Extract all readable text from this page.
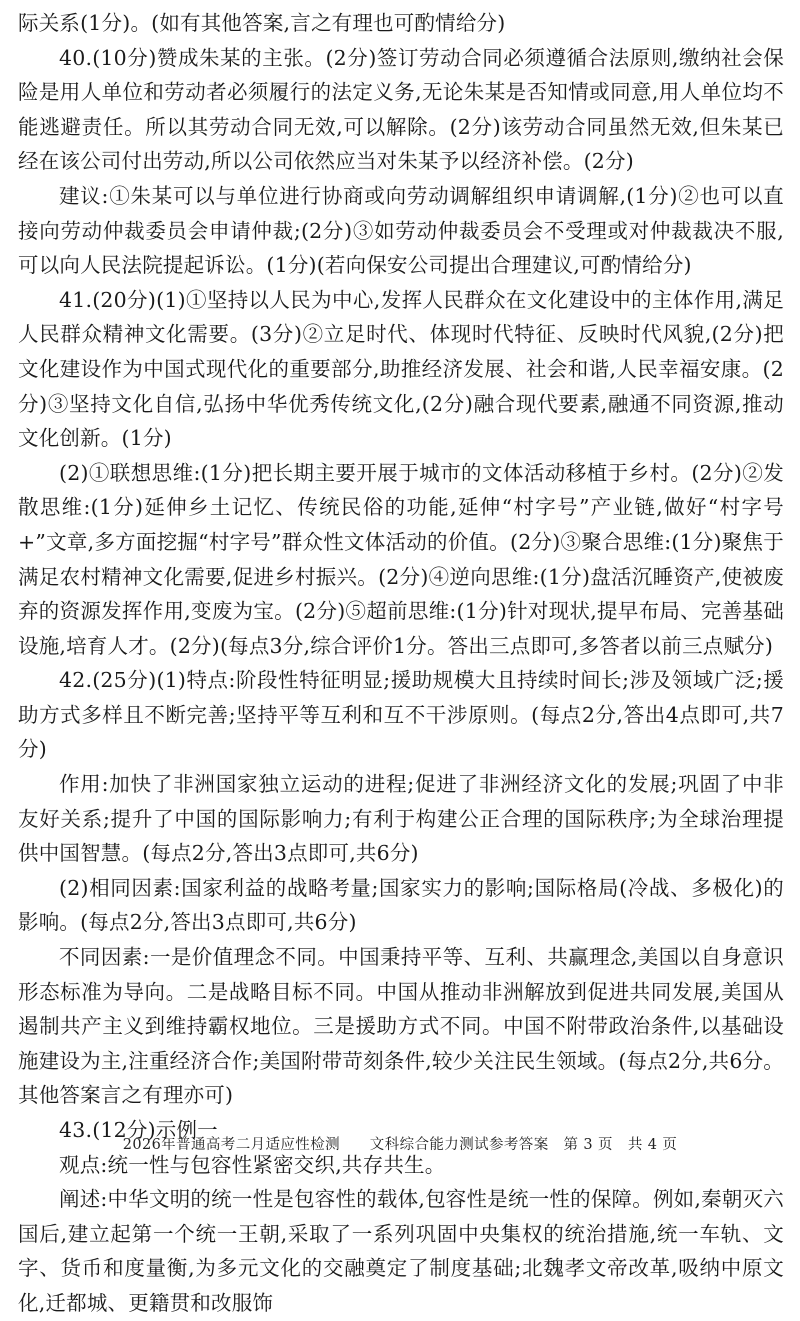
际关系(1分)。(如有其他答案,言之有理也可酌情给分)

40.(10分)赞成朱某的主张。(2分)签订劳动合同必须遵循合法原则,缴纳社会保险是用人单位和劳动者必须履行的法定义务,无论朱某是否知情或同意,用人单位均不能逃避责任。所以其劳动合同无效,可以解除。(2分)该劳动合同虽然无效,但朱某已经在该公司付出劳动,所以公司依然应当对朱某予以经济补偿。(2分)

建议:①朱某可以与单位进行协商或向劳动调解组织申请调解,(1分)②也可以直接向劳动仲裁委员会申请仲裁;(2分)③如劳动仲裁委员会不受理或对仲裁裁决不服,可以向人民法院提起诉讼。(1分)(若向保安公司提出合理建议,可酌情给分)

41.(20分)(1)①坚持以人民为中心,发挥人民群众在文化建设中的主体作用,满足人民群众精神文化需要。(3分)②立足时代、体现时代特征、反映时代风貌,(2分)把文化建设作为中国式现代化的重要部分,助推经济发展、社会和谐,人民幸福安康。(2分)③坚持文化自信,弘扬中华优秀传统文化,(2分)融合现代要素,融通不同资源,推动文化创新。(1分)

(2)①联想思维:(1分)把长期主要开展于城市的文体活动移植于乡村。(2分)②发散思维:(1分)延伸乡土记忆、传统民俗的功能,延伸“村字号”产业链,做好“村字号+”文章,多方面挖掘“村字号”群众性文体活动的价值。(2分)③聚合思维:(1分)聚焦于满足农村精神文化需要,促进乡村振兴。(2分)④逆向思维:(1分)盘活沉睡资产,使被废弃的资源发挥作用,变废为宝。(2分)⑤超前思维:(1分)针对现状,提早布局、完善基础设施,培育人才。(2分)(每点3分,综合评价1分。答出三点即可,多答者以前三点赋分)

42.(25分)(1)特点:阶段性特征明显;援助规模大且持续时间长;涉及领域广泛;援助方式多样且不断完善;坚持平等互利和互不干涉原则。(每点2分,答出4点即可,共7分)

作用:加快了非洲国家独立运动的进程;促进了非洲经济文化的发展;巩固了中非友好关系;提升了中国的国际影响力;有利于构建公正合理的国际秩序;为全球治理提供中国智慧。(每点2分,答出3点即可,共6分)

(2)相同因素:国家利益的战略考量;国家实力的影响;国际格局(冷战、多极化)的影响。(每点2分,答出3点即可,共6分)

不同因素:一是价值理念不同。中国秉持平等、互利、共赢理念,美国以自身意识形态标准为导向。二是战略目标不同。中国从推动非洲解放到促进共同发展,美国从遏制共产主义到维持霸权地位。三是援助方式不同。中国不附带政治条件,以基础设施建设为主,注重经济合作;美国附带苛刻条件,较少关注民生领域。(每点2分,共6分。其他答案言之有理亦可)

43.(12分)示例一

观点:统一性与包容性紧密交织,共存共生。

阐述:中华文明的统一性是包容性的载体,包容性是统一性的保障。例如,秦朝灭六国后,建立起第一个统一王朝,采取了一系列巩固中央集权的统治措施,统一车轨、文字、货币和度量衡,为多元文化的交融奠定了制度基础;北魏孝文帝改革,吸纳中原文化,迁都城、更籍贯和改服饰

2026年普通高考二月适应性检测　　文科综合能力测试参考答案　第 3 页　共 4 页
